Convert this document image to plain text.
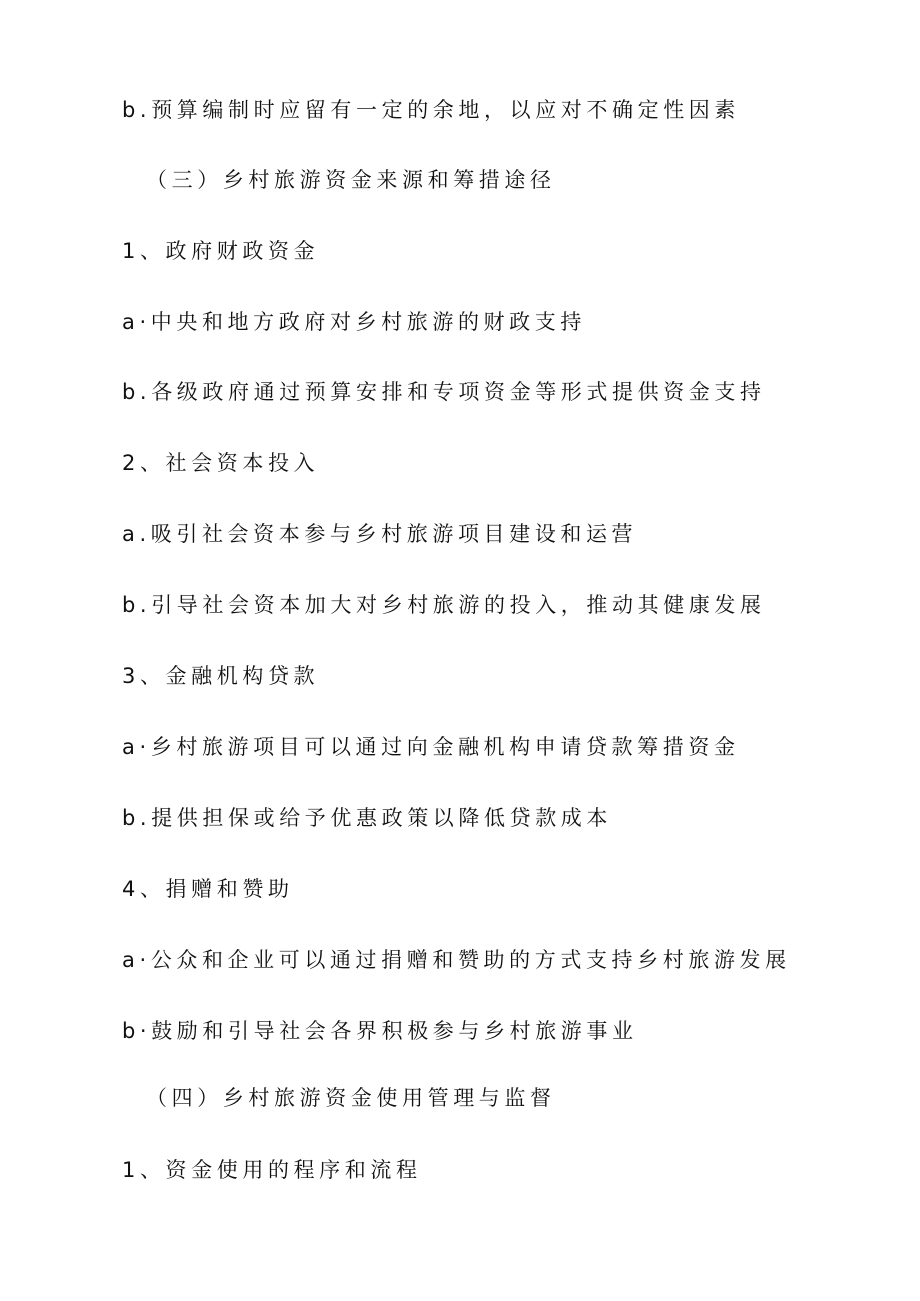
b.预算编制时应留有一定的余地，以应对不确定性因素
（三）乡村旅游资金来源和筹措途径
1、政府财政资金
a·中央和地方政府对乡村旅游的财政支持
b.各级政府通过预算安排和专项资金等形式提供资金支持
2、社会资本投入
a.吸引社会资本参与乡村旅游项目建设和运营
b.引导社会资本加大对乡村旅游的投入，推动其健康发展
3、金融机构贷款
a·乡村旅游项目可以通过向金融机构申请贷款筹措资金
b.提供担保或给予优惠政策以降低贷款成本
4、捐赠和赞助
a·公众和企业可以通过捐赠和赞助的方式支持乡村旅游发展
b·鼓励和引导社会各界积极参与乡村旅游事业
（四）乡村旅游资金使用管理与监督
1、资金使用的程序和流程
